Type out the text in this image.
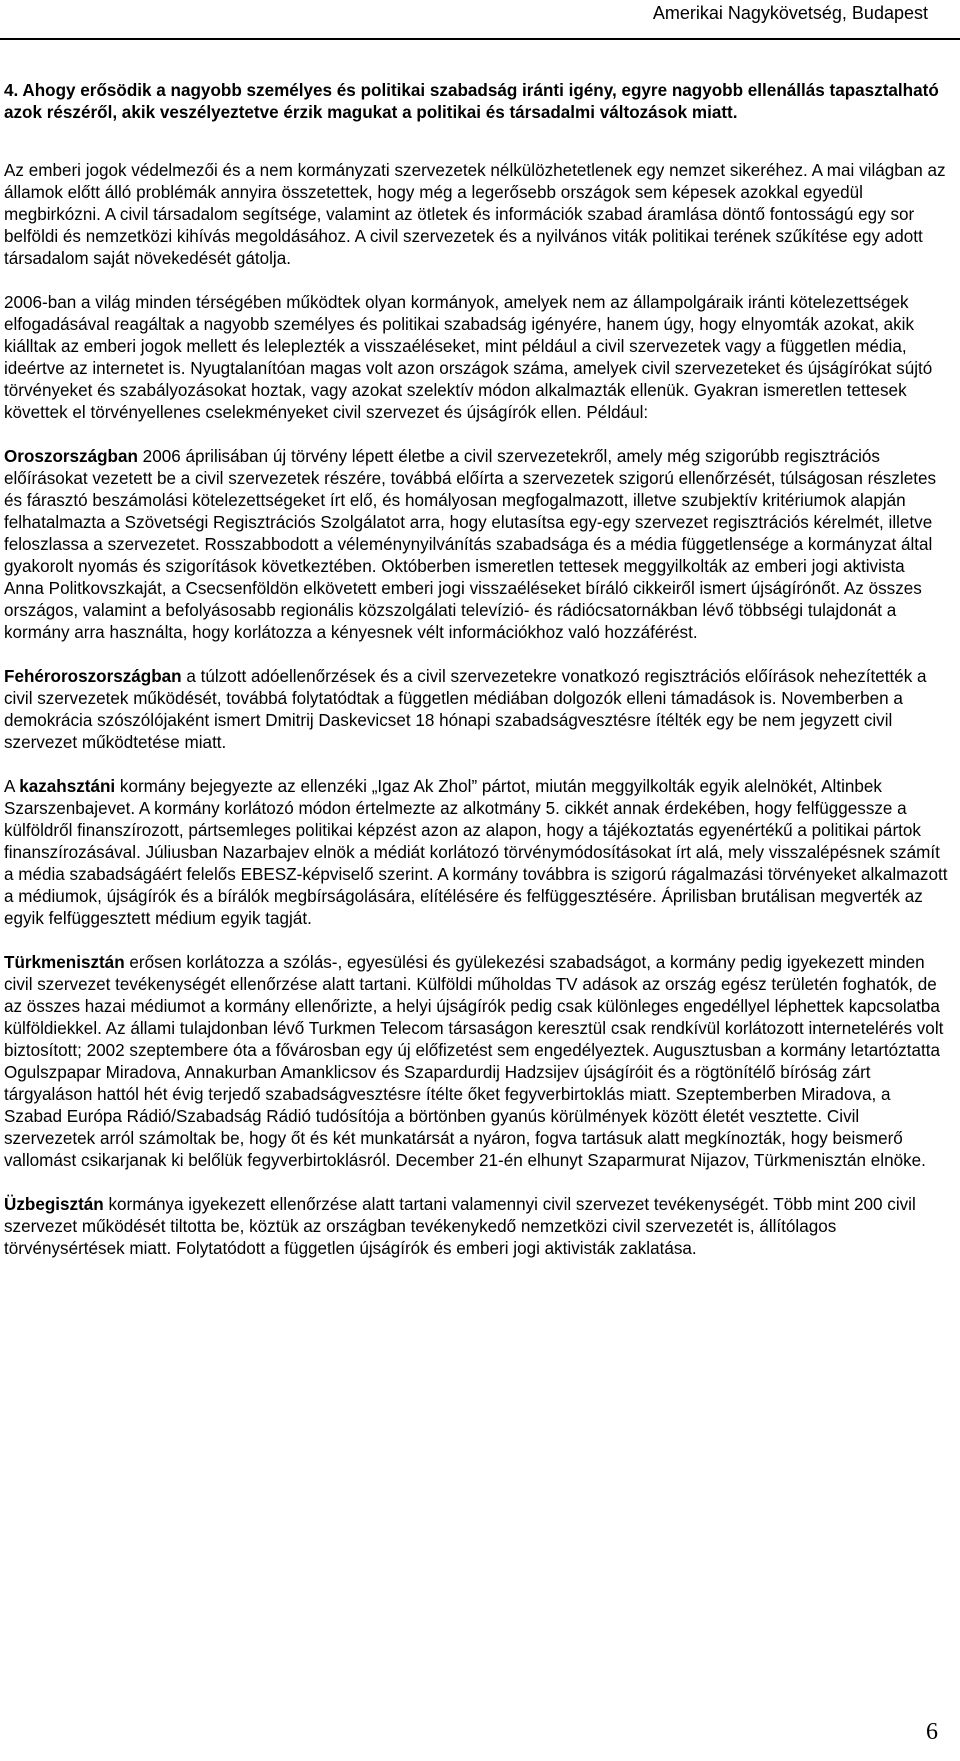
Amerikai Nagykövetség, Budapest

4. Ahogy erősödik a nagyobb személyes és politikai szabadság iránti igény, egyre nagyobb ellenállás tapasztalható azok részéről, akik veszélyeztetve érzik magukat a politikai és társadalmi változások miatt.

Az emberi jogok védelmezői és a nem kormányzati szervezetek nélkülözhetetlenek egy nemzet sikeréhez. A mai világban az államok előtt álló problémák annyira összetettek, hogy még a legerősebb országok sem képesek azokkal egyedül megbirkózni. A civil társadalom segítsége, valamint az ötletek és információk szabad áramlása döntő fontosságú egy sor belföldi és nemzetközi kihívás megoldásához. A civil szervezetek és a nyilvános viták politikai terének szűkítése egy adott társadalom saját növekedését gátolja.

2006-ban a világ minden térségében működtek olyan kormányok, amelyek nem az állampolgáraik iránti kötelezettségek elfogadásával reagáltak a nagyobb személyes és politikai szabadság igényére, hanem úgy, hogy elnyomták azokat, akik kiálltak az emberi jogok mellett és leleplezték a visszaéléseket, mint például a civil szervezetek vagy a független média, ideértve az internetet is. Nyugtalanítóan magas volt azon országok száma, amelyek civil szervezeteket és újságírókat sújtó törvényeket és szabályozásokat hoztak, vagy azokat szelektív módon alkalmazták ellenük. Gyakran ismeretlen tettesek követtek el törvényellenes cselekményeket civil szervezet és újságírók ellen. Például:

Oroszországban 2006 áprilisában új törvény lépett életbe a civil szervezetekről, amely még szigorúbb regisztrációs előírásokat vezetett be a civil szervezetek részére, továbbá előírta a szervezetek szigorú ellenőrzését, túlságosan részletes és fárasztó beszámolási kötelezettségeket írt elő, és homályosan megfogalmazott, illetve szubjektív kritériumok alapján felhatalmazta a Szövetségi Regisztrációs Szolgálatot arra, hogy elutasítsa egy-egy szervezet regisztrációs kérelmét, illetve feloszlassa a szervezetet. Rosszabbodott a véleménynyilvánítás szabadsága és a média függetlensége a kormányzat által gyakorolt nyomás és szigorítások következtében. Októberben ismeretlen tettesek meggyilkolták az emberi jogi aktivista Anna Politkovszkaját, a Csecsenföldön elkövetett emberi jogi visszaéléseket bíráló cikkeiről ismert újságírónőt. Az összes országos, valamint a befolyásosabb regionális közszolgálati televízió- és rádiócsatornákban lévő többségi tulajdonát a kormány arra használta, hogy korlátozza a kényesnek vélt információkhoz való hozzáférést.

Fehéroroszországban a túlzott adóellenőrzések és a civil szervezetekre vonatkozó regisztrációs előírások nehezítették a civil szervezetek működését, továbbá folytatódtak a független médiában dolgozók elleni támadások is. Novemberben a demokrácia szószólójaként ismert Dmitrij Daskevicset 18 hónapi szabadságvesztésre ítélték egy be nem jegyzett civil szervezet működtetése miatt.

A kazahsztáni kormány bejegyezte az ellenzéki „Igaz Ak Zhol” pártot, miután meggyilkolták egyik alelnökét, Altinbek Szarszenbajevet. A kormány korlátozó módon értelmezte az alkotmány 5. cikkét annak érdekében, hogy felfüggessze a külföldről finanszírozott, pártsemleges politikai képzést azon az alapon, hogy a tájékoztatás egyenértékű a politikai pártok finanszírozásával. Júliusban Nazarbajev elnök a médiát korlátozó törvénymódosításokat írt alá, mely visszalépésnek számít a média szabadságáért felelős EBESZ-képviselő szerint. A kormány továbbra is szigorú rágalmazási törvényeket alkalmazott a médiumok, újságírók és a bírálók megbírságolására, elítélésére és felfüggesztésére. Áprilisban brutálisan megverték az egyik felfüggesztett médium egyik tagját.

Türkmenisztán erősen korlátozza a szólás-, egyesülési és gyülekezési szabadságot, a kormány pedig igyekezett minden civil szervezet tevékenységét ellenőrzése alatt tartani. Külföldi műholdas TV adások az ország egész területén foghatók, de az összes hazai médiumot a kormány ellenőrizte, a helyi újságírók pedig csak különleges engedéllyel léphettek kapcsolatba külföldiekkel. Az állami tulajdonban lévő Turkmen Telecom társaságon keresztül csak rendkívül korlátozott internetelérés volt biztosított; 2002 szeptembere óta a fővárosban egy új előfizetést sem engedélyeztek. Augusztusban a kormány letartóztatta Ogulszpapar Miradova, Annakurban Amanklicsov és Szapardurdij Hadzsijev újságíróit és a rögtönítélő bíróság zárt tárgyaláson hattól hét évig terjedő szabadságvesztésre ítélte őket fegyverbirtoklás miatt. Szeptemberben Miradova, a Szabad Európa Rádió/Szabadság Rádió tudósítója a börtönben gyanús körülmények között életét vesztette. Civil szervezetek arról számoltak be, hogy őt és két munkatársát a nyáron, fogva tartásuk alatt megkínozták, hogy beismerő vallomást csikarjanak ki belőlük fegyverbirtoklásról. December 21-én elhunyt Szaparmurat Nijazov, Türkmenisztán elnöke.

Üzbegisztán kormánya igyekezett ellenőrzése alatt tartani valamennyi civil szervezet tevékenységét. Több mint 200 civil szervezet működését tiltotta be, köztük az országban tevékenykedő nemzetközi civil szervezetét is, állítólagos törvénysértések miatt. Folytatódott a független újságírók és emberi jogi aktivisták zaklatása.

6
